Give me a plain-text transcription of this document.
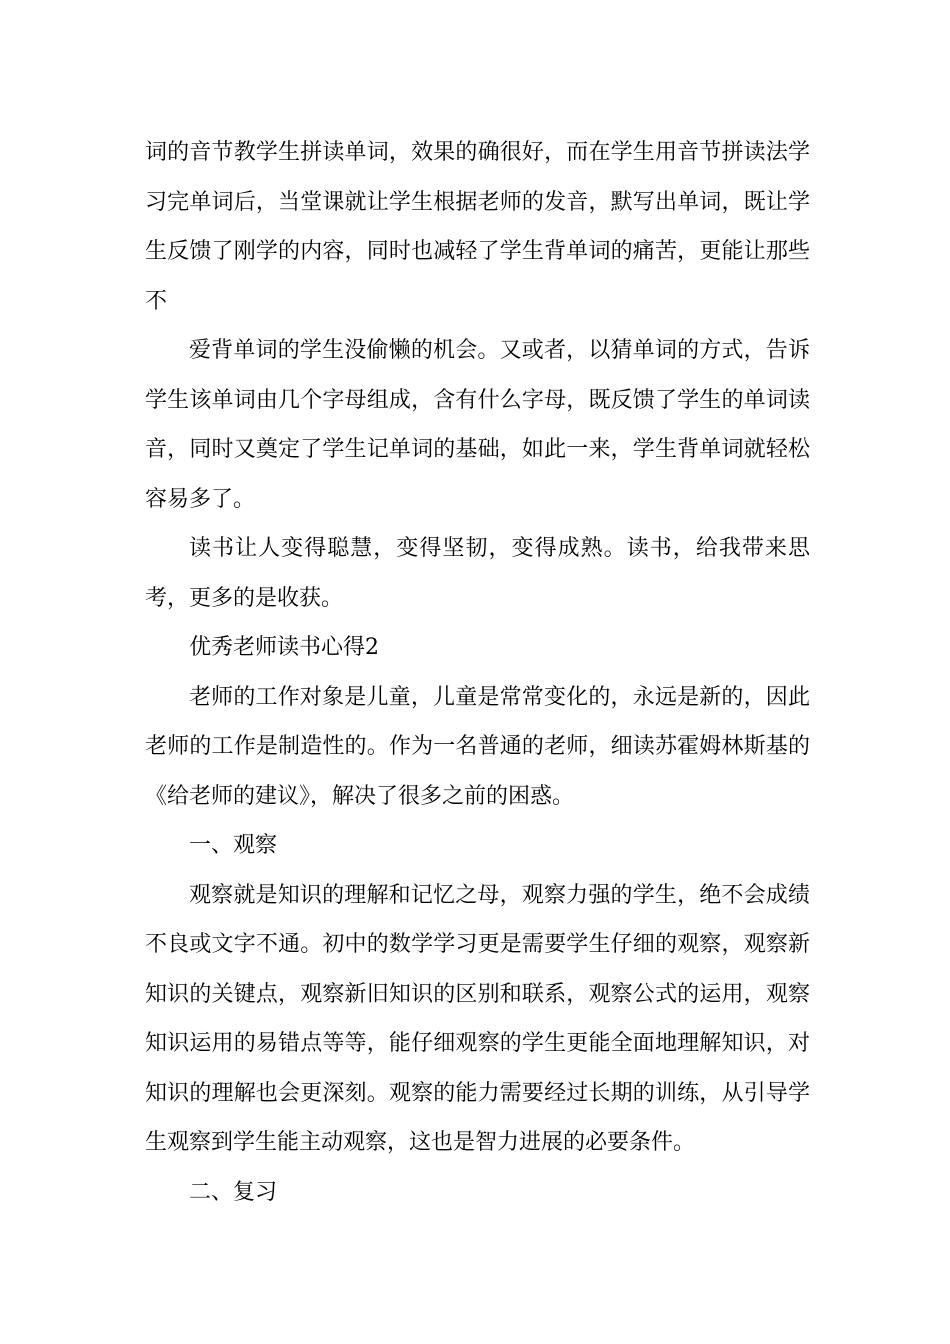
词的音节教学生拼读单词，效果的确很好，而在学生用音节拼读法学习完单词后，当堂课就让学生根据老师的发音，默写出单词，既让学生反馈了刚学的内容，同时也减轻了学生背单词的痛苦，更能让那些不

爱背单词的学生没偷懒的机会。又或者，以猜单词的方式，告诉学生该单词由几个字母组成，含有什么字母，既反馈了学生的单词读音，同时又奠定了学生记单词的基础，如此一来，学生背单词就轻松容易多了。

读书让人变得聪慧，变得坚韧，变得成熟。读书，给我带来思考，更多的是收获。

优秀老师读书心得2

老师的工作对象是儿童，儿童是常常变化的，永远是新的，因此老师的工作是制造性的。作为一名普通的老师，细读苏霍姆林斯基的《给老师的建议》，解决了很多之前的困惑。

一、观察

观察就是知识的理解和记忆之母，观察力强的学生，绝不会成绩不良或文字不通。初中的数学学习更是需要学生仔细的观察，观察新知识的关键点，观察新旧知识的区别和联系，观察公式的运用，观察知识运用的易错点等等，能仔细观察的学生更能全面地理解知识，对知识的理解也会更深刻。观察的能力需要经过长期的训练，从引导学生观察到学生能主动观察，这也是智力进展的必要条件。

二、复习
